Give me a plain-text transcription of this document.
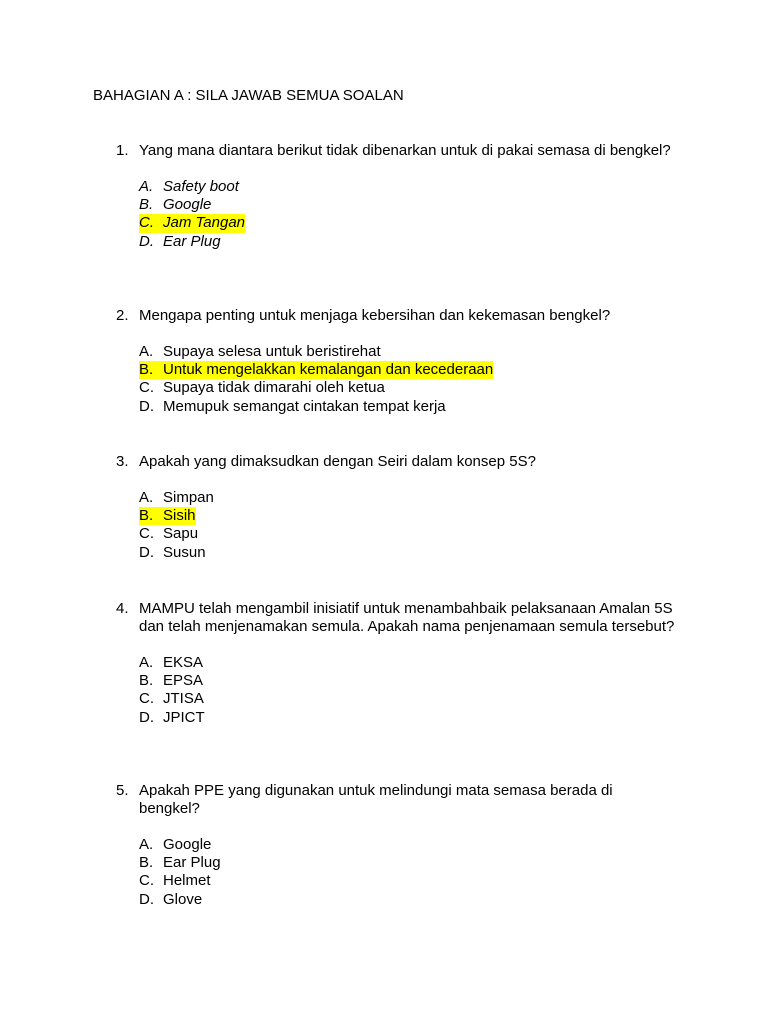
BAHAGIAN A : SILA JAWAB SEMUA SOALAN
1. Yang mana diantara berikut tidak dibenarkan untuk di pakai semasa di bengkel?
A. Safety boot
B. Google
C. Jam Tangan
D. Ear Plug
2. Mengapa penting untuk menjaga kebersihan dan kekemasan bengkel?
A. Supaya selesa untuk beristirehat
B. Untuk mengelakkan kemalangan dan kecederaan
C. Supaya tidak dimarahi oleh ketua
D. Memupuk semangat cintakan tempat kerja
3. Apakah yang dimaksudkan dengan Seiri dalam konsep 5S?
A. Simpan
B. Sisih
C. Sapu
D. Susun
4. MAMPU telah mengambil inisiatif untuk menambahbaik pelaksanaan Amalan 5S dan telah menjenamakan semula. Apakah nama penjenamaan semula tersebut?
A. EKSA
B. EPSA
C. JTISA
D. JPICT
5. Apakah PPE yang digunakan untuk melindungi mata semasa berada di bengkel?
A. Google
B. Ear Plug
C. Helmet
D. Glove
